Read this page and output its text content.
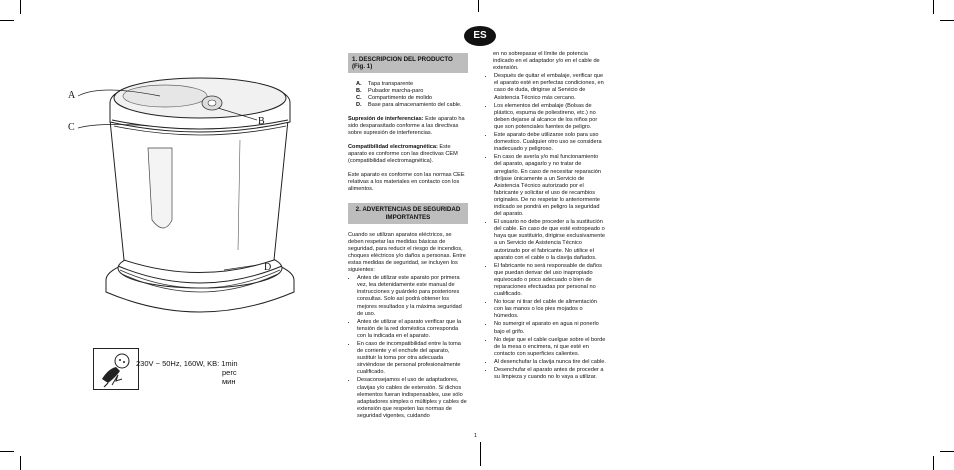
A
C
B
D
230V ~ 50Hz, 160W, KB: 1min
perc
мин
ES
1. DESCRIPCION DEL PRODUCTO (Fig. 1)
A. Tapa transparente
B. Pulsador marcha-paro
C. Compartimento de molido
D. Base para almacenamiento del cable.

Supresión de interferencias: Este aparato ha sido desparasitado conforme a las directivas sobre supresión de interferencias.

Compatibilidad electromagnética: Este aparato es conforme con las directivas CEM (compatibilidad electromagnética).

Este aparato es conforme con las normas CEE relativas a los materiales en contacto con los alimentos.

2. ADVERTENCIAS DE SEGURIDAD
IMPORTANTES

Cuando se utilizan aparatos eléctricos, se deben respetar las medidas básicas de seguridad, para reducir el riesgo de incendios, choques eléctricos y/o daños a personas. Entre estas medidas de seguridad, se incluyen los siguientes:

• Antes de utilizar este aparato por primera vez, lea detenidamente este manual de instrucciones y guárdelo para posteriores consultas. Solo así podrá obtener los mejores resultados y la máxima seguridad de uso.
• Antes de utilizar el aparato verificar que la tensión de la red doméstica corresponda con la indicada en el aparato.
• En caso de incompatibilidad entre la toma de corriente y el enchufe del aparato, sustituir la toma por otra adecuada sirviéndose de personal profesionalmente cualificado.
• Desaconsejamos el uso de adaptadores, clavijas y/o cables de extensión. Si dichos elementos fueran indispensables, use sólo adaptadores simples o múltiples y cables de extensión que respeten las normas de seguridad vigentes, cuidando

en no sobrepasar el límite de potencia indicado en el adaptador y/o en el cable de extensión.

• Después de quitar el embalaje, verificar que el aparato esté en perfectas condiciones, en caso de duda, dirigirse al Servicio de Asistencia Técnico más cercano.
• Los elementos del embalaje (Bolsas de plástico, espuma de poliestireno, etc.) no deben dejarse al alcance de los niños por que son potenciales fuentes de peligro.
• Este aparato debe utilizarse solo para uso domestico. Cualquier otro uso se considera inadecuado y peligroso.
• En caso de avería y/o mal funcionamiento del aparato, apagarlo y no tratar de arreglarlo. En caso de necesitar reparación diríjase únicamente a un Servicio de Asistencia Técnico autorizado por el fabricante y solicitar el uso de recambios originales. De no respetar lo anteriormente indicado se pondrá en peligro la seguridad del aparato.
• El usuario no debe proceder a la sustitución del cable. En caso de que esté estropeado o haya que sustituirlo, dirigirse exclusivamente a un Servicio de Asistencia Técnico autorizado por el fabricante. No utilice el aparato con el cable o la clavija dañados.
• El fabricante no será responsable de daños que puedan derivar del uso inapropiado equivocado o poco adecuado o bien de reparaciones efectuadas por personal no cualificado.
• No tocar ni tirar del cable de alimentación con las manos o los pies mojados o húmedos.
• No sumergir el aparato en agua ni ponerlo bajo el grifo.
• No dejar que el cable cuelgue sobre el borde de la mesa o encimera, ni que esté en contacto con superficies calientes.
• Al desenchufar la clavija nunca tire del cable.
• Desenchufar el aparato antes de proceder a su limpieza y cuando no lo vaya a utilizar.
1
